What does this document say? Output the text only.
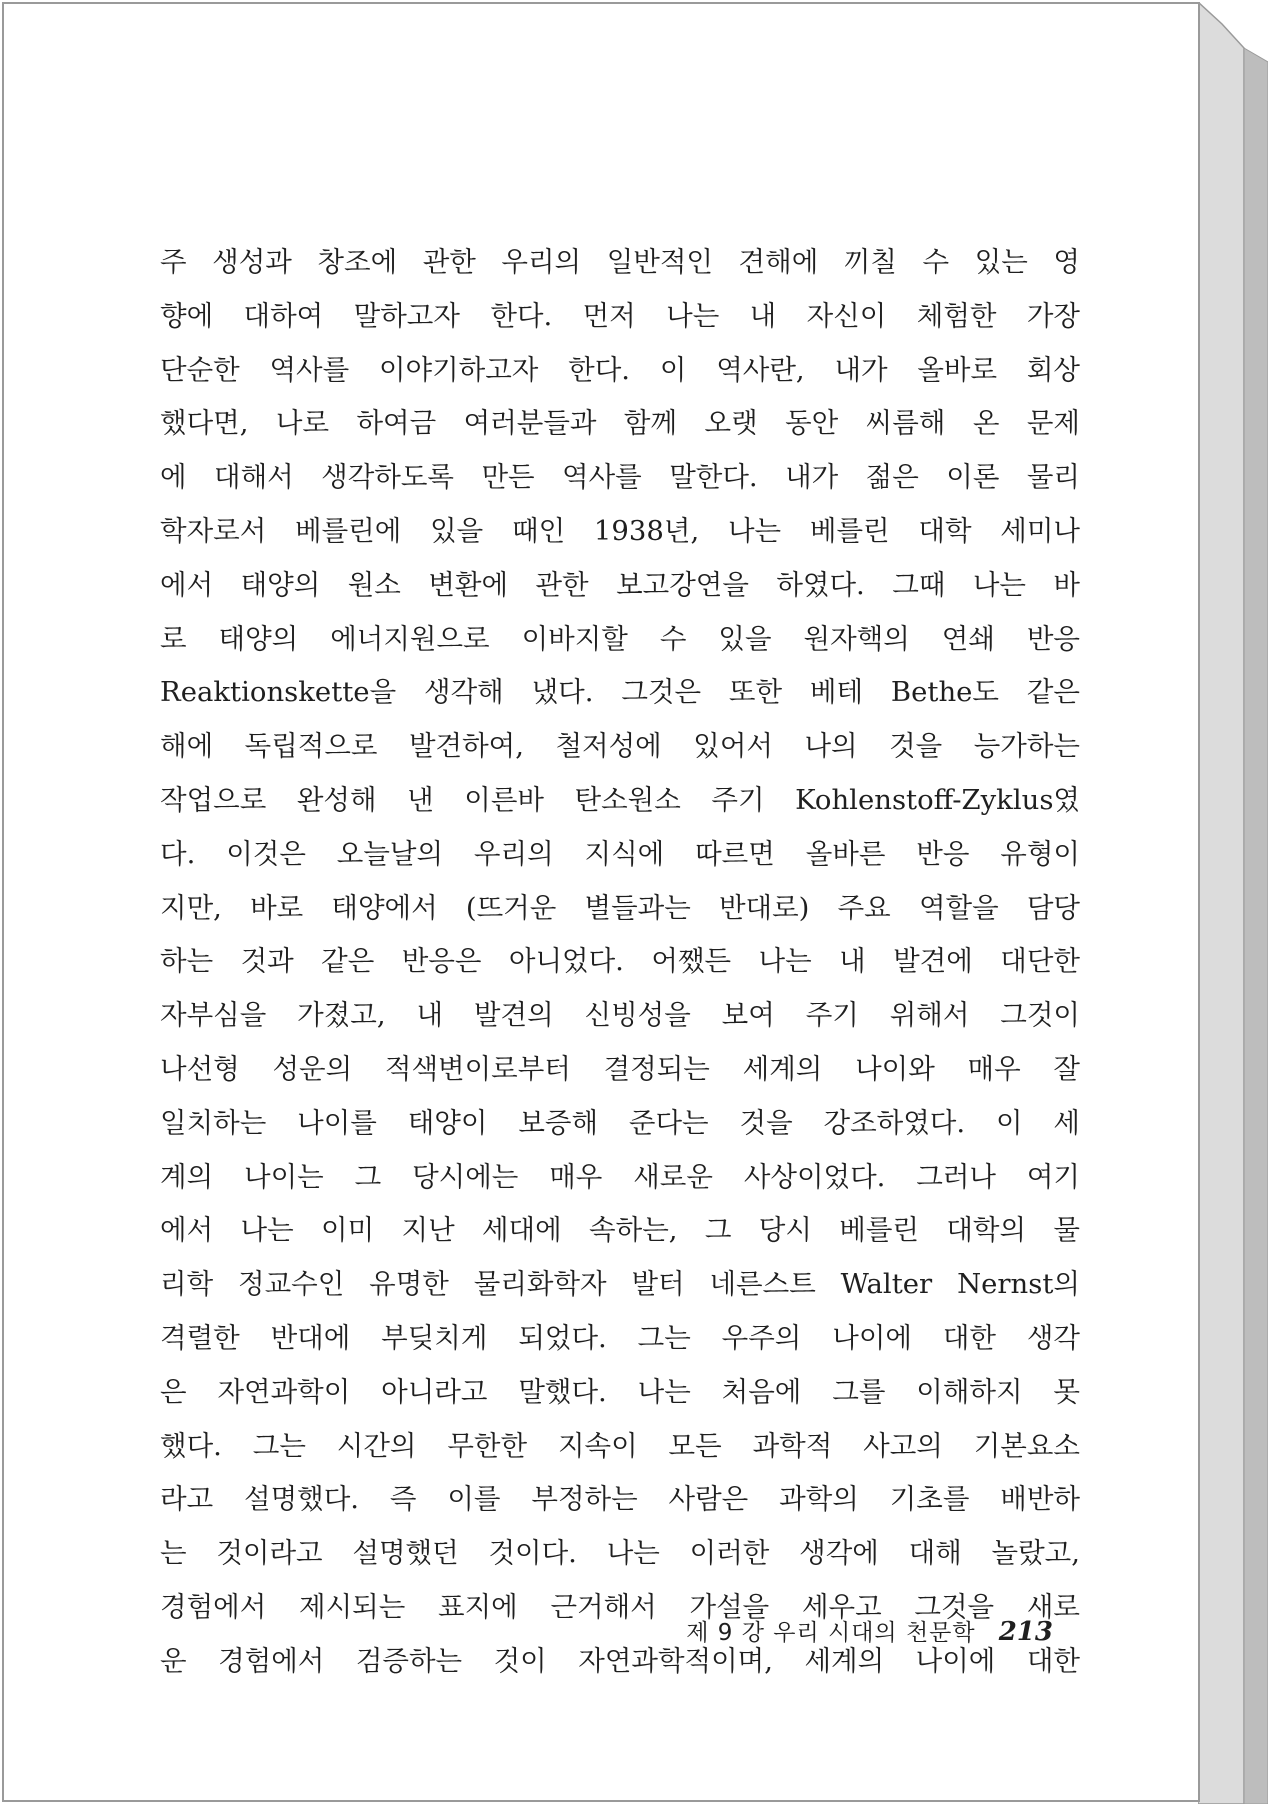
주 생성과 창조에 관한 우리의 일반적인 견해에 끼칠 수 있는 영
향에 대하여 말하고자 한다. 먼저 나는 내 자신이 체험한 가장
단순한 역사를 이야기하고자 한다. 이 역사란, 내가 올바로 회상
했다면, 나로 하여금 여러분들과 함께 오랫 동안 씨름해 온 문제
에 대해서 생각하도록 만든 역사를 말한다. 내가 젊은 이론 물리
학자로서 베를린에 있을 때인 1938년, 나는 베를린 대학 세미나
에서 태양의 원소 변환에 관한 보고강연을 하였다. 그때 나는 바
로 태양의 에너지원으로 이바지할 수 있을 원자핵의 연쇄 반응
Reaktionskette을 생각해 냈다. 그것은 또한 베테 Bethe도 같은
해에 독립적으로 발견하여, 철저성에 있어서 나의 것을 능가하는
작업으로 완성해 낸 이른바 탄소원소 주기 Kohlenstoff-Zyklus였
다. 이것은 오늘날의 우리의 지식에 따르면 올바른 반응 유형이
지만, 바로 태양에서 (뜨거운 별들과는 반대로) 주요 역할을 담당
하는 것과 같은 반응은 아니었다. 어쨌든 나는 내 발견에 대단한
자부심을 가졌고, 내 발견의 신빙성을 보여 주기 위해서 그것이
나선형 성운의 적색변이로부터 결정되는 세계의 나이와 매우 잘
일치하는 나이를 태양이 보증해 준다는 것을 강조하였다. 이 세
계의 나이는 그 당시에는 매우 새로운 사상이었다. 그러나 여기
에서 나는 이미 지난 세대에 속하는, 그 당시 베를린 대학의 물
리학 정교수인 유명한 물리화학자 발터 네른스트 Walter Nernst의
격렬한 반대에 부딪치게 되었다. 그는 우주의 나이에 대한 생각
은 자연과학이 아니라고 말했다. 나는 처음에 그를 이해하지 못
했다. 그는 시간의 무한한 지속이 모든 과학적 사고의 기본요소
라고 설명했다. 즉 이를 부정하는 사람은 과학의 기초를 배반하
는 것이라고 설명했던 것이다. 나는 이러한 생각에 대해 놀랐고,
경험에서 제시되는 표지에 근거해서 가설을 세우고 그것을 새로
운 경험에서 검증하는 것이 자연과학적이며, 세계의 나이에 대한
제 9 강 우리 시대의 천문학 213
